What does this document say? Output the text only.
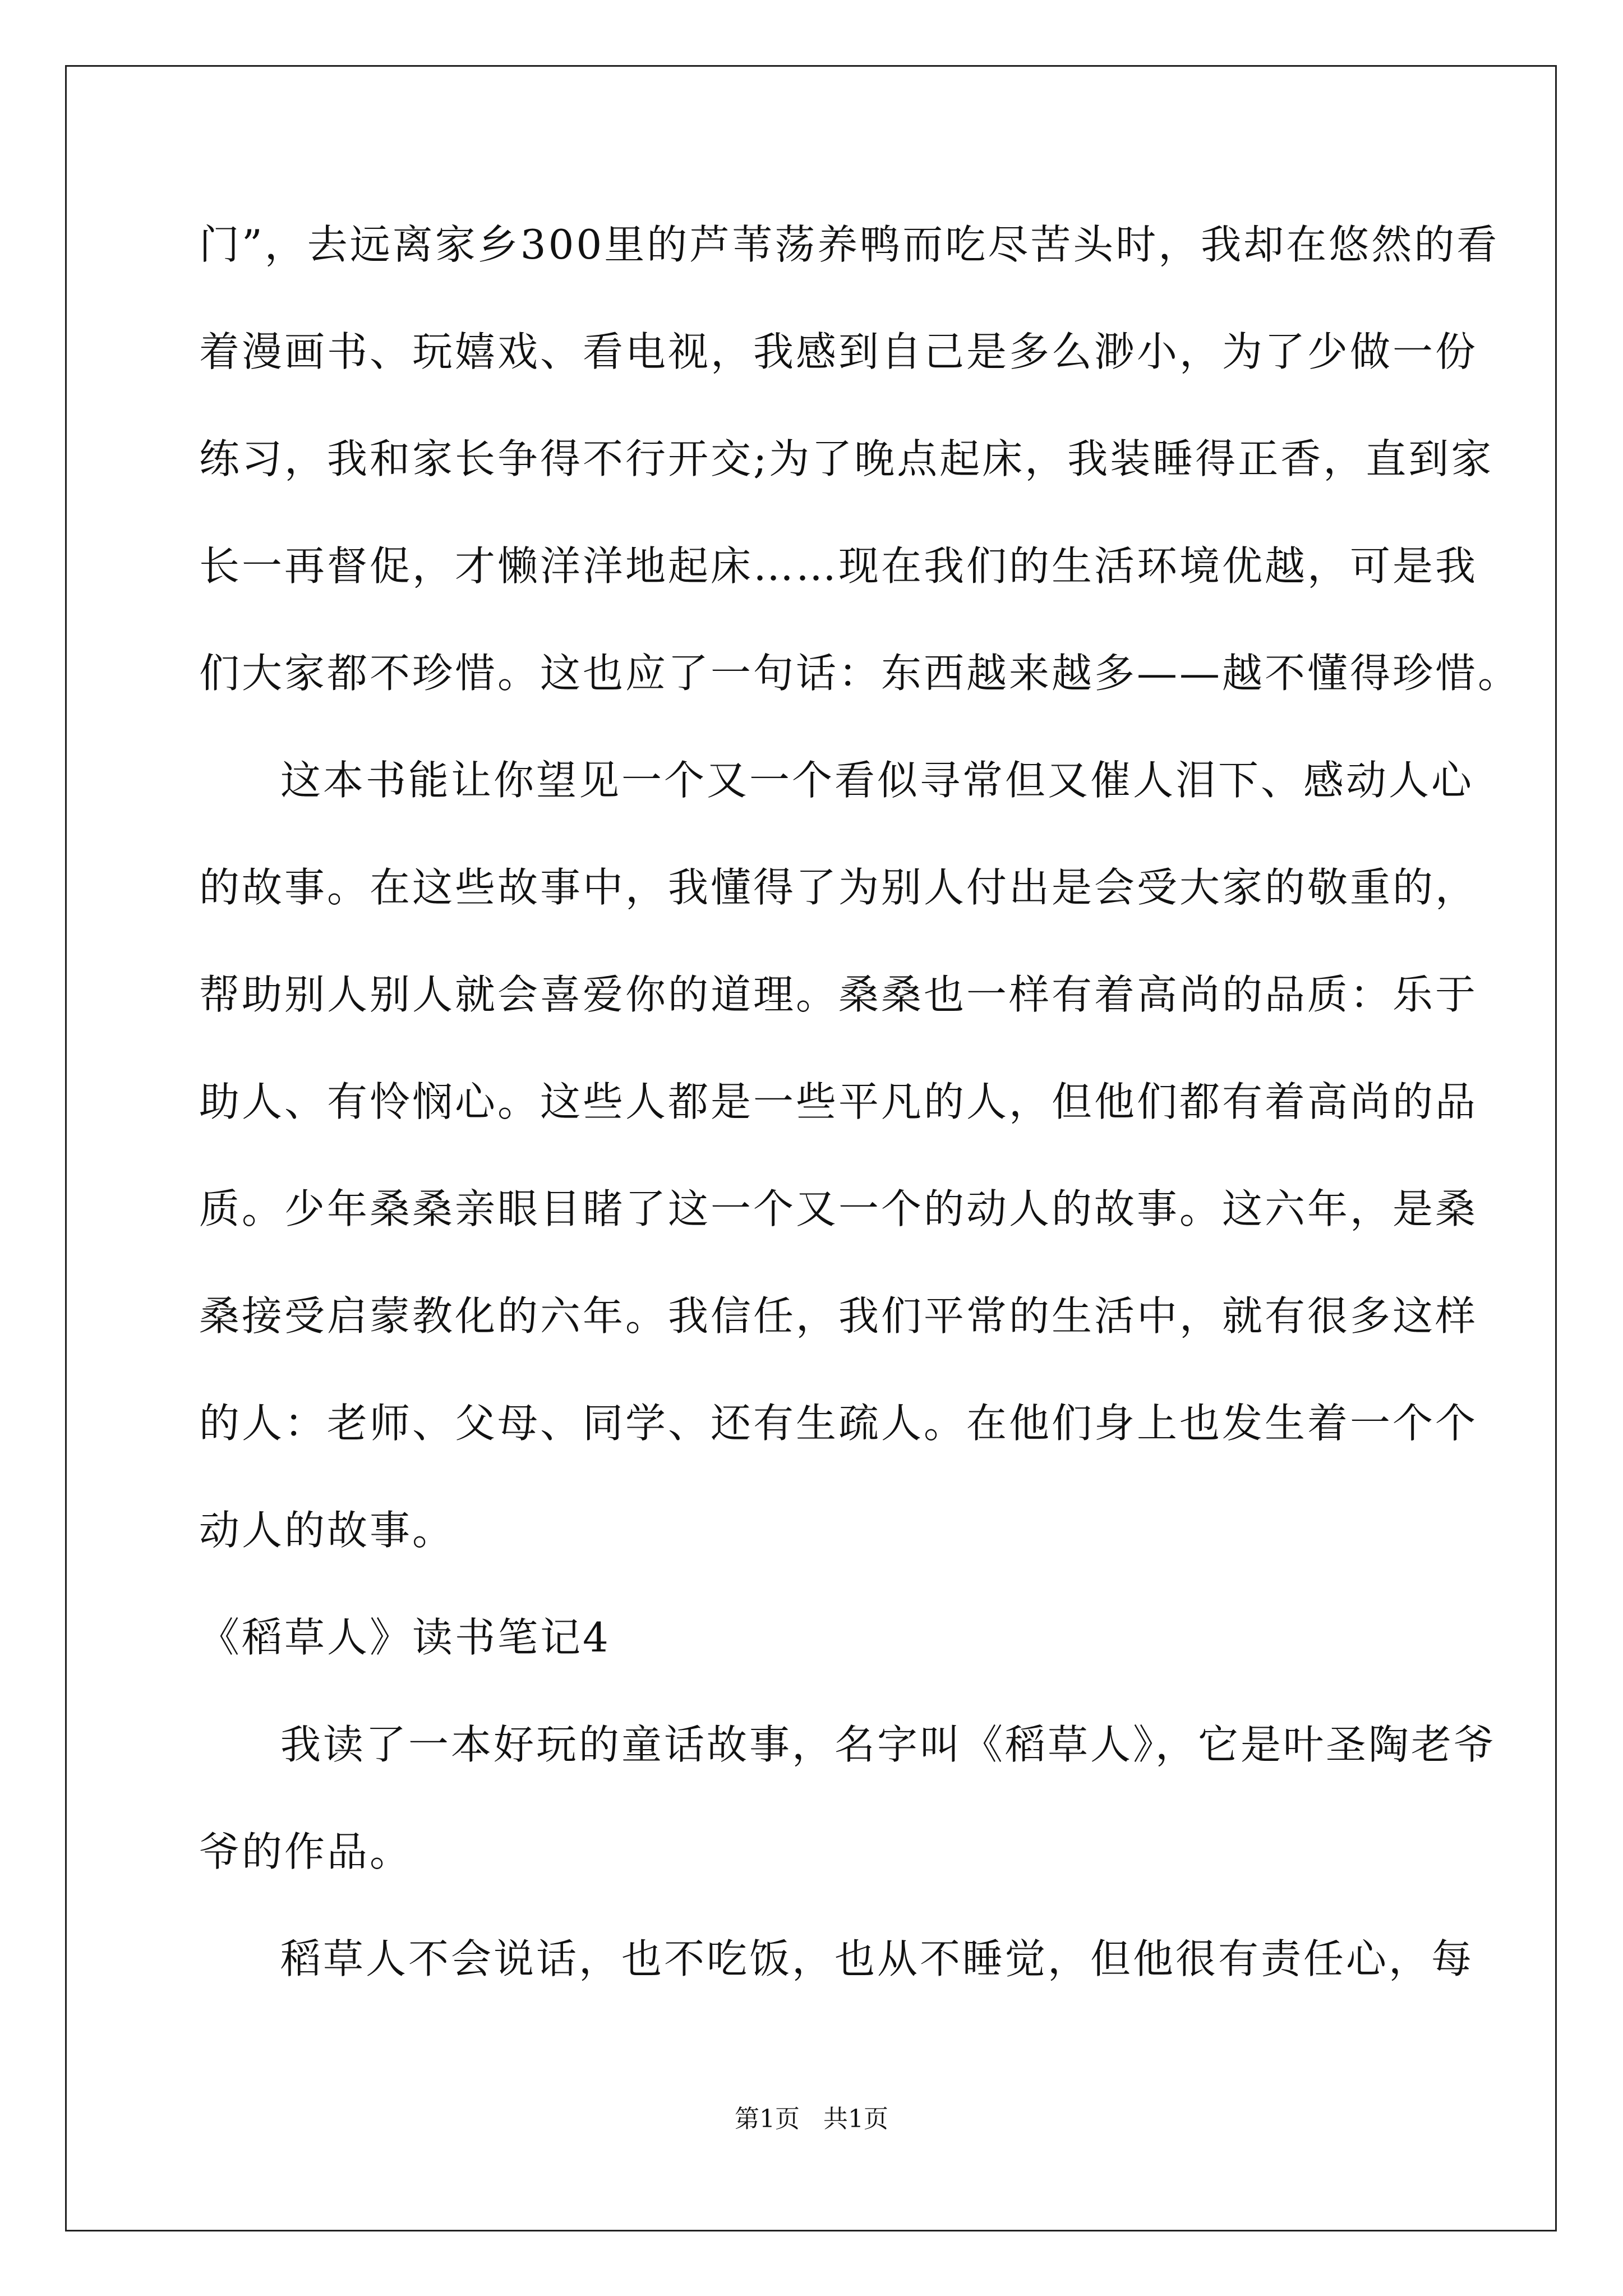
门”，去远离家乡300里的芦苇荡养鸭而吃尽苦头时，我却在悠然的看
着漫画书、玩嬉戏、看电视，我感到自己是多么渺小，为了少做一份
练习，我和家长争得不行开交;为了晚点起床，我装睡得正香，直到家
长一再督促，才懒洋洋地起床……现在我们的生活环境优越，可是我
们大家都不珍惜。这也应了一句话：东西越来越多——越不懂得珍惜。
这本书能让你望见一个又一个看似寻常但又催人泪下、感动人心
的故事。在这些故事中，我懂得了为别人付出是会受大家的敬重的，
帮助别人别人就会喜爱你的道理。桑桑也一样有着高尚的品质：乐于
助人、有怜悯心。这些人都是一些平凡的人，但他们都有着高尚的品
质。少年桑桑亲眼目睹了这一个又一个的动人的故事。这六年，是桑
桑接受启蒙教化的六年。我信任，我们平常的生活中，就有很多这样
的人：老师、父母、同学、还有生疏人。在他们身上也发生着一个个
动人的故事。
《稻草人》读书笔记4
我读了一本好玩的童话故事，名字叫《稻草人》，它是叶圣陶老爷
爷的作品。
稻草人不会说话，也不吃饭，也从不睡觉，但他很有责任心，每
第1页   共1页
